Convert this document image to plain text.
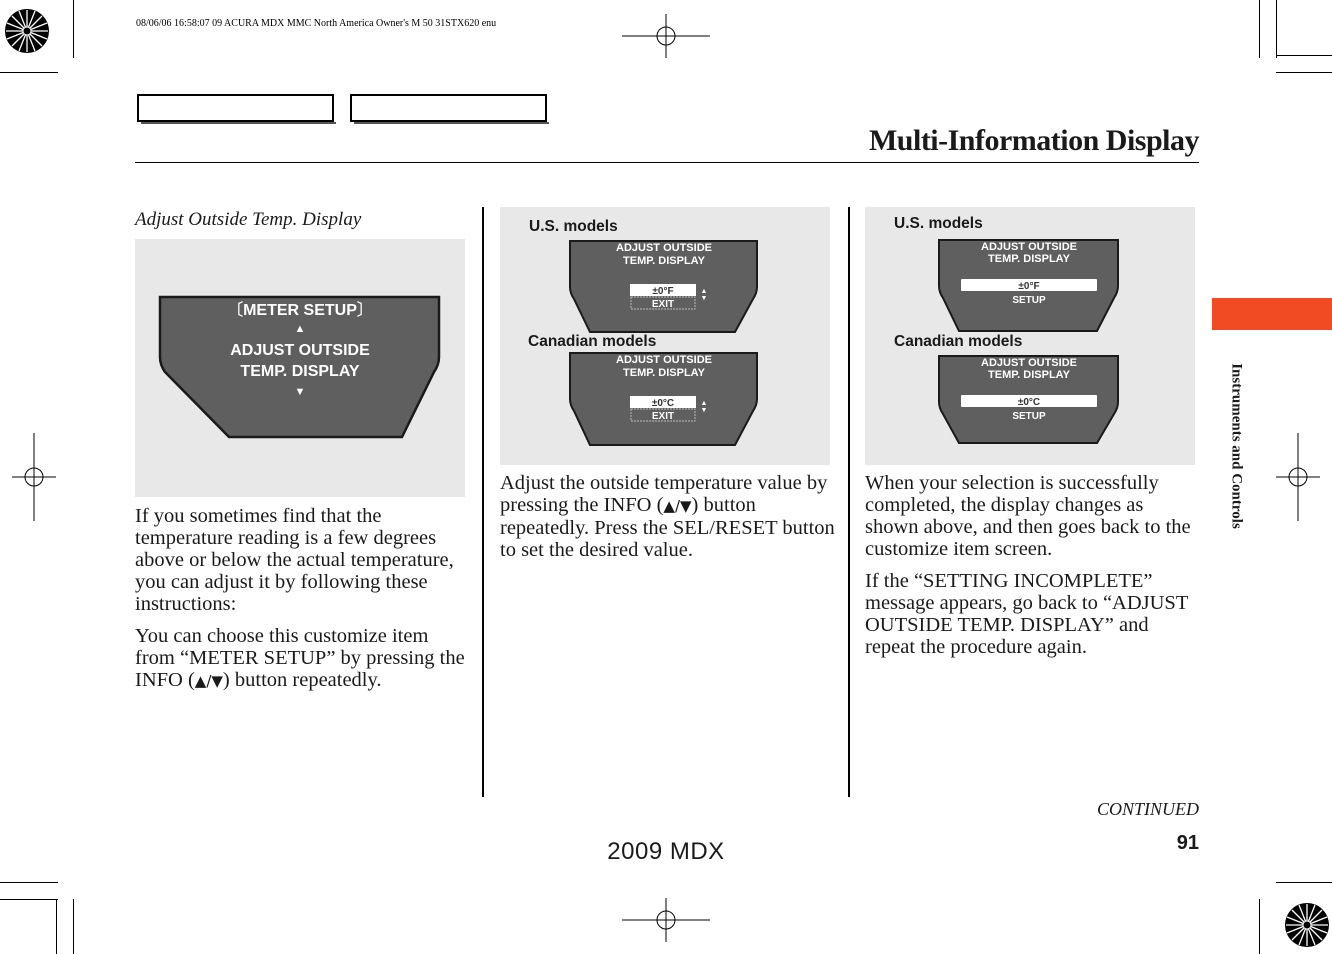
08/06/06 16:58:07 09 ACURA MDX MMC North America Owner's M 50 31STX620 enu
Multi-Information Display
Instruments and Controls
Adjust Outside Temp. Display
〔METER SETUP〕
▲
ADJUST OUTSIDE
TEMP. DISPLAY
▼

If you sometimes find that the temperature reading is a few degrees above or below the actual temperature, you can adjust it by following these instructions:

You can choose this customize item from “METER SETUP” by pressing the INFO (▲/▼) button repeatedly.

ADJUST OUTSIDE
TEMP. DISPLAY
±0°F	▲
▼
EXIT
ADJUST OUTSIDE
TEMP. DISPLAY
±0°C	▲
▼
EXIT
U.S. models
Canadian models

Adjust the outside temperature value by pressing the INFO (▲/▼) button repeatedly. Press the SEL/RESET button to set the desired value.

ADJUST OUTSIDE
TEMP. DISPLAY
±0°F
SETUP
ADJUST OUTSIDE
TEMP. DISPLAY
±0°C
SETUP
U.S. models
Canadian models

When your selection is successfully completed, the display changes as shown above, and then goes back to the customize item screen.

If the “SETTING INCOMPLETE” message appears, go back to “ADJUST OUTSIDE TEMP. DISPLAY” and repeat the procedure again.

CONTINUED
91
2009 MDX
